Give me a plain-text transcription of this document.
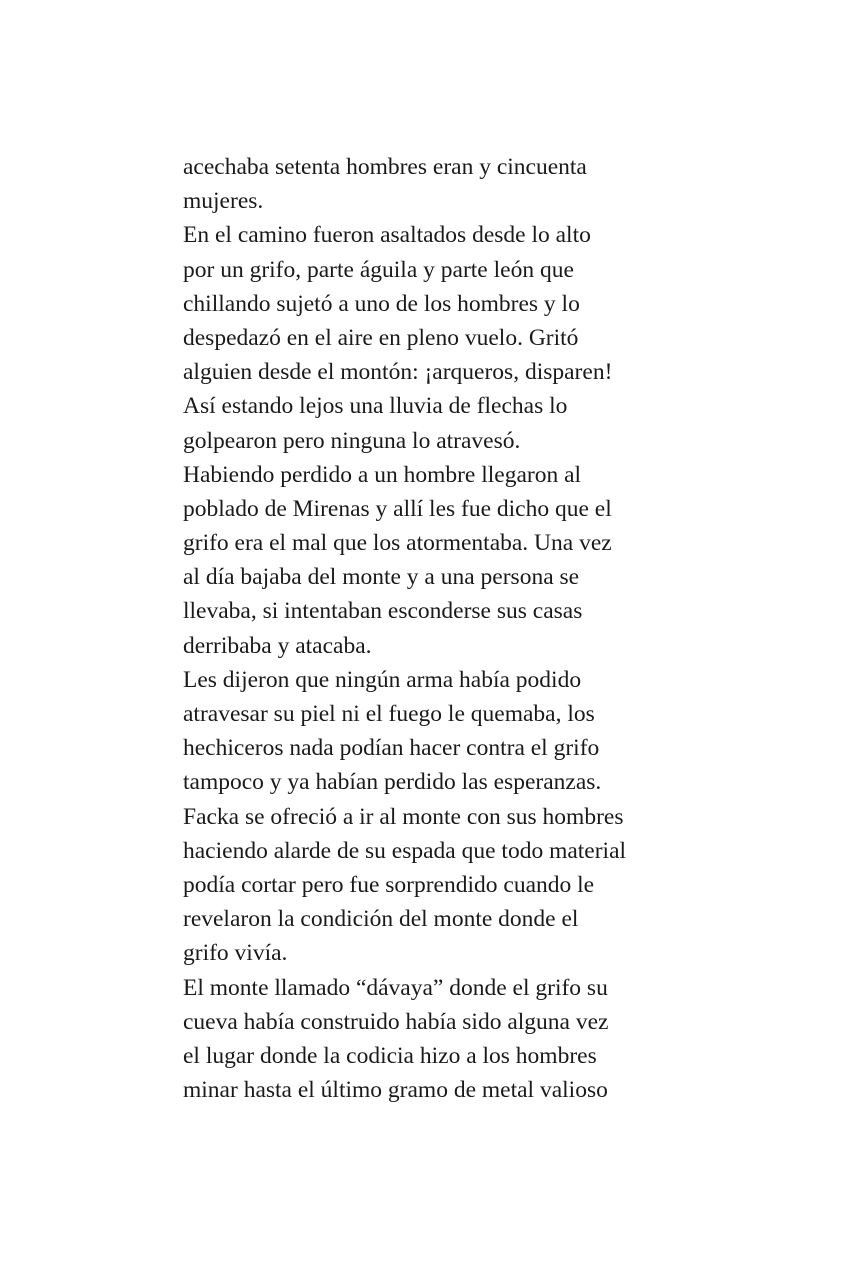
acechaba setenta hombres eran y cincuenta
mujeres.
En el camino fueron asaltados desde lo alto
por un grifo, parte águila y parte león que
chillando sujetó a uno de los hombres y lo
despedazó en el aire en pleno vuelo. Gritó
alguien desde el montón: ¡arqueros, disparen!
Así estando lejos una lluvia de flechas lo
golpearon pero ninguna lo atravesó.
Habiendo perdido a un hombre llegaron al
poblado de Mirenas y allí les fue dicho que el
grifo era el mal que los atormentaba. Una vez
al día bajaba del monte y a una persona se
llevaba, si intentaban esconderse sus casas
derribaba y atacaba.
Les dijeron que ningún arma había podido
atravesar su piel ni el fuego le quemaba, los
hechiceros nada podían hacer contra el grifo
tampoco y ya habían perdido las esperanzas.
Facka se ofreció a ir al monte con sus hombres
haciendo alarde de su espada que todo material
podía cortar pero fue sorprendido cuando le
revelaron la condición del monte donde el
grifo vivía.
El monte llamado “dávaya” donde el grifo su
cueva había construido había sido alguna vez
el lugar donde la codicia hizo a los hombres
minar hasta el último gramo de metal valioso
